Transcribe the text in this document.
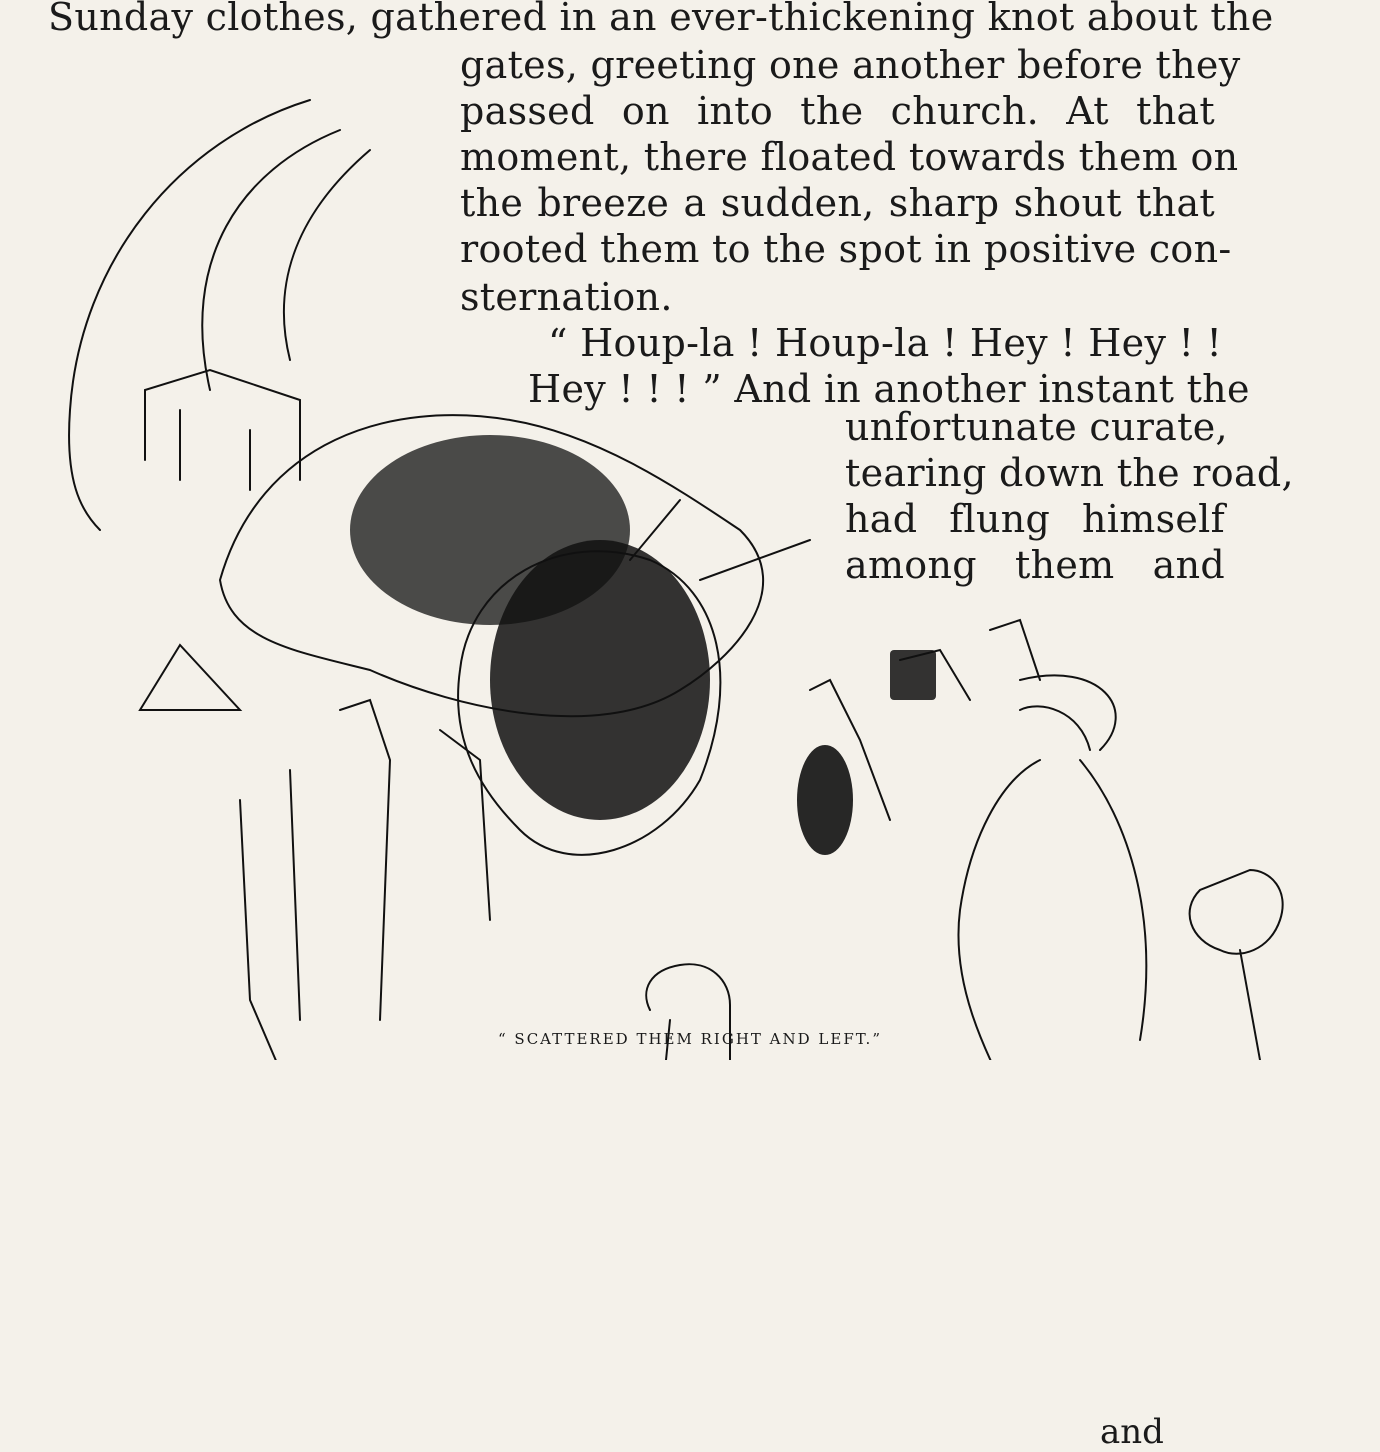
Sunday clothes, gathered in an ever-thickening knot about the
gates, greeting one another before they
passed on into the church. At that
moment, there floated towards them on
the breeze a sudden, sharp shout that
rooted them to the spot in positive con-
sternation.
“ Houp-la ! Houp-la ! Hey ! Hey ! !
Hey ! ! ! ” And in another instant the
unfortunate curate,
tearing down the road,
had flung himself
among them and
“ SCATTERED THEM RIGHT AND LEFT.”
and
